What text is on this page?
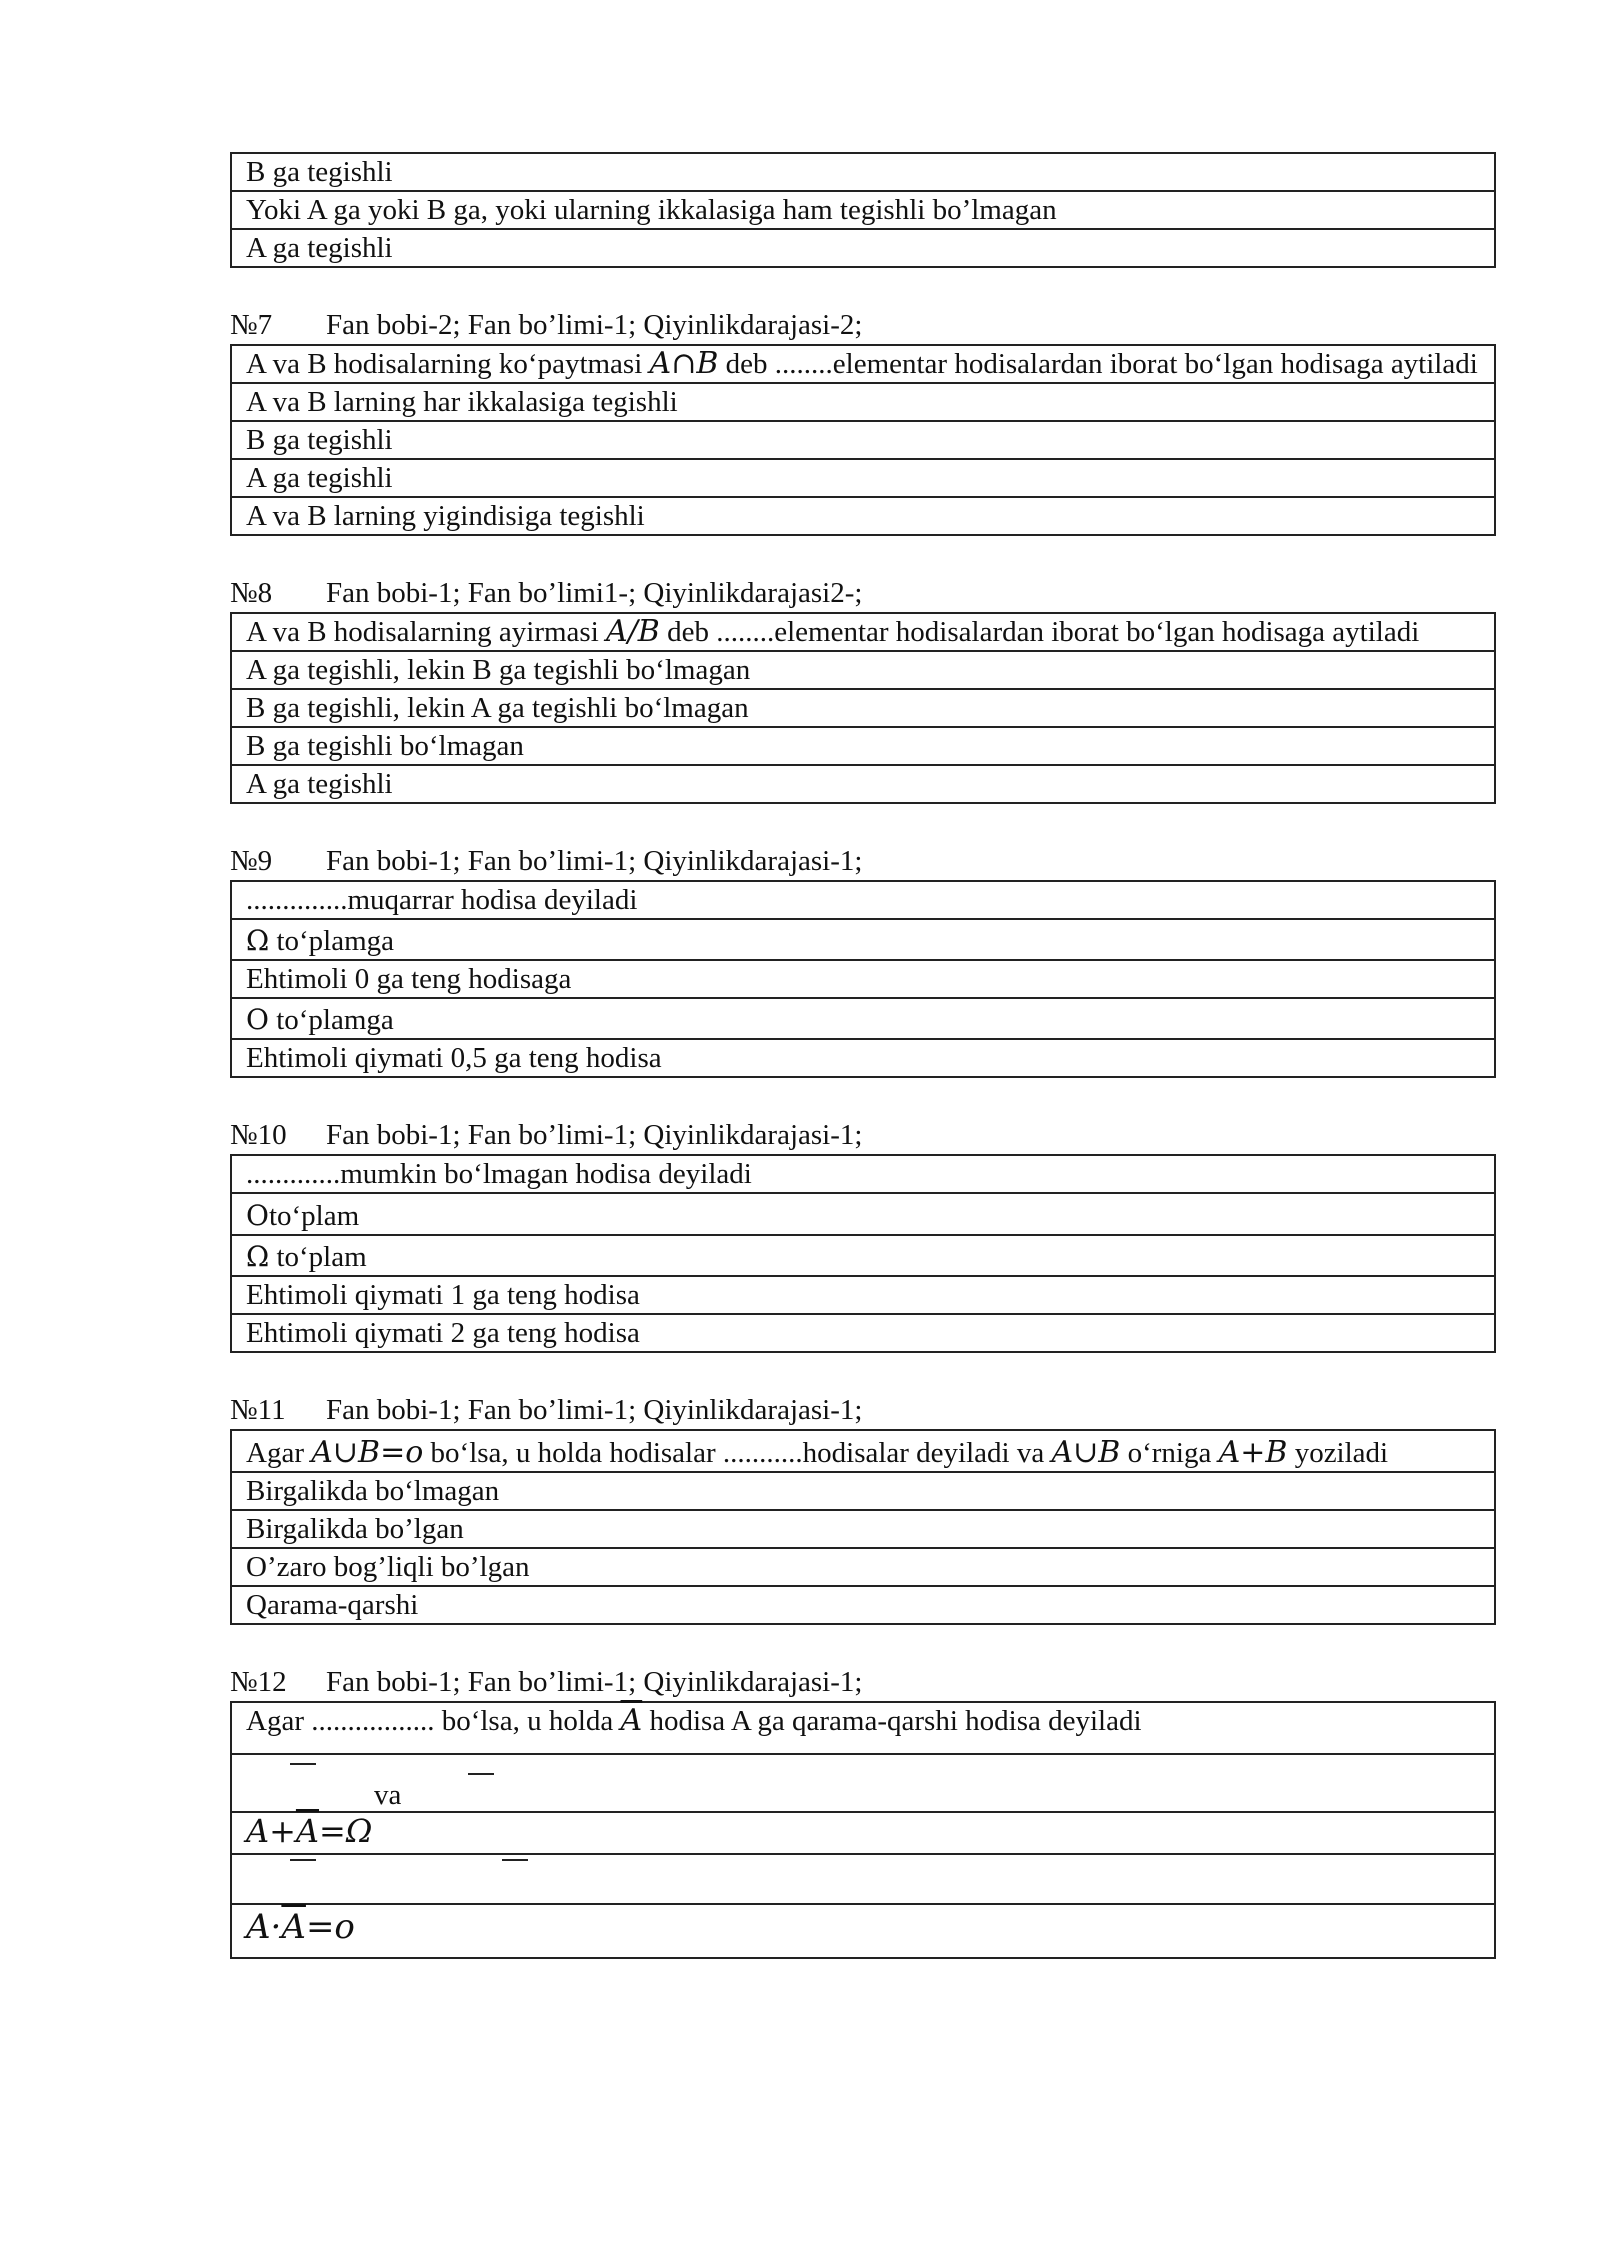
B ga tegishli
Yoki A ga yoki B ga, yoki ularning ikkalasiga ham tegishli bo’lmagan
A ga tegishli
№7 Fan bobi-2; Fan bo’limi-1; Qiyinlikdarajasi-2;
A va B hodisalarning ko‘paytmasi A∩B deb ........elementar hodisalardan iborat bo‘lgan hodisaga aytiladi
A va B larning har ikkalasiga tegishli
B ga tegishli
A ga tegishli
A va B larning yigindisiga tegishli
№8 Fan bobi-1; Fan bo’limi1-; Qiyinlikdarajasi2-;
A va B hodisalarning ayirmasi A/B deb ........elementar hodisalardan iborat bo‘lgan hodisaga aytiladi
A ga tegishli, lekin B ga tegishli bo‘lmagan
B ga tegishli, lekin A ga tegishli bo‘lmagan
B ga tegishli bo‘lmagan
A ga tegishli
№9 Fan bobi-1; Fan bo’limi-1; Qiyinlikdarajasi-1;
..............muqarrar hodisa deyiladi
Ω to‘plamga
Ehtimoli 0 ga teng hodisaga
O to‘plamga
Ehtimoli qiymati 0,5 ga teng hodisa
№10 Fan bobi-1; Fan bo’limi-1; Qiyinlikdarajasi-1;
.............mumkin bo‘lmagan hodisa deyiladi
Oto‘plam
Ω to‘plam
Ehtimoli qiymati 1 ga teng hodisa
Ehtimoli qiymati 2 ga teng hodisa
№11 Fan bobi-1; Fan bo’limi-1; Qiyinlikdarajasi-1;
Agar A∪B=o bo‘lsa, u holda hodisalar ...........hodisalar deyiladi va A∪B o‘rniga A+B yoziladi
Birgalikda bo‘lmagan
Birgalikda bo’lgan
O’zaro bog’liqli bo’lgan
Qarama-qarshi
№12 Fan bobi-1; Fan bo’limi-1; Qiyinlikdarajasi-1;
Agar ................. bo‘lsa, u holda $\overline{A}$ hodisa A ga qarama-qarshi hodisa deyiladi

va

$A+\overline{A}=\Omega$

$A\cdot\overline{A}=o$
